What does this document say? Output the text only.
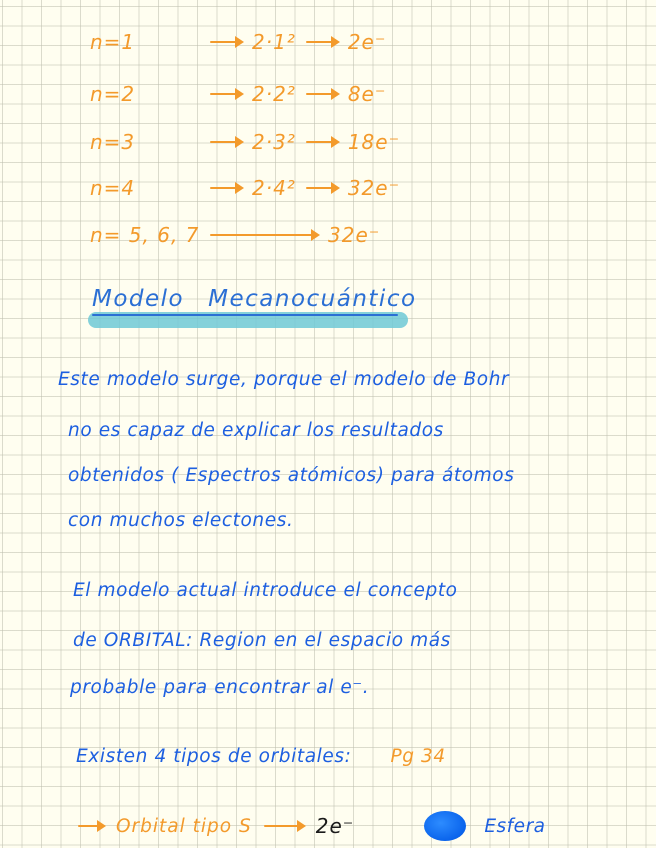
n=1	2·1²	2e⁻
n=2	2·2²	8e⁻
n=3	2·3²	18e⁻
n=4	2·4²	32e⁻
n= 5, 6, 7	32e⁻
Modelo Mecanocuántico
Este modelo surge, porque el modelo de Bohr
no es capaz de explicar los resultados
obtenidos ( Espectros atómicos) para átomos
con muchos electones.
El modelo actual introduce el concepto
de ORBITAL: Region en el espacio más
probable para encontrar al e⁻.
Existen 4 tipos de orbitales: Pg 34
Orbital tipo S	2e⁻	Esfera
